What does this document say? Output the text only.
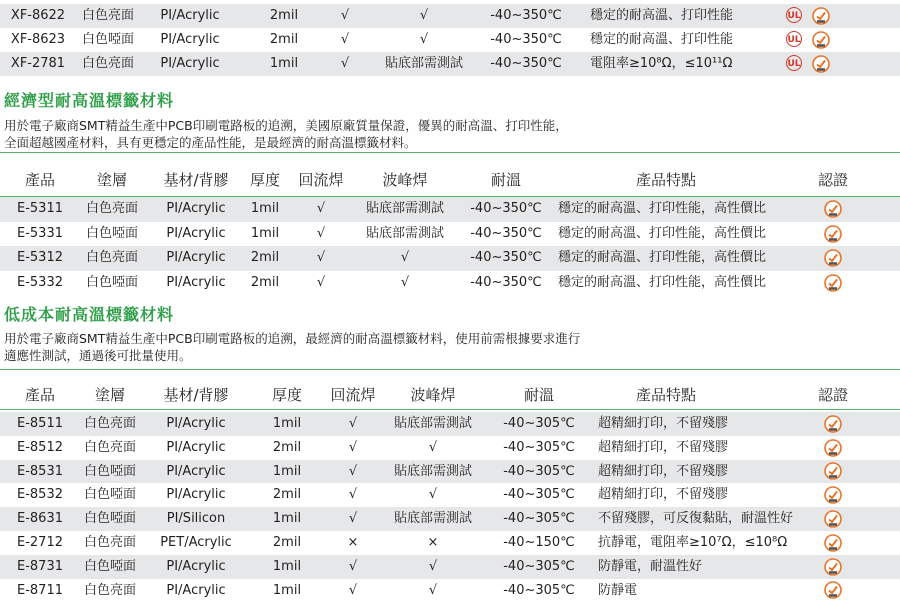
XF-8622 白色亮面 PI/Acrylic	2mil	√	√	-40~350℃ 穩定的耐高溫、打印性能	UL
XF-8623 白色啞面 PI/Acrylic	2mil	√	√	-40~350℃ 穩定的耐高溫、打印性能	UL
XF-2781 白色亮面 PI/Acrylic	1mil	√	貼底部需測試 -40~350℃ 電阻率≥10⁸Ω，≤10¹¹Ω	UL
經濟型耐高溫標籤材料
用於電子廠商SMT精益生產中PCB印刷電路板的追溯，美國原廠質量保證，優異的耐高溫、打印性能，
全面超越國產材料，具有更穩定的產品性能，是最經濟的耐高溫標籤材料。
產品	塗層 基材/背膠 厚度 回流焊	波峰焊	耐溫	產品特點	認證
E-5311 白色亮面 PI/Acrylic 1mil	√	貼底部需測試 -40~350℃ 穩定的耐高溫、打印性能，高性價比
E-5331 白色啞面 PI/Acrylic 1mil	√	貼底部需測試 -40~350℃ 穩定的耐高溫、打印性能，高性價比
E-5312 白色亮面 PI/Acrylic 2mil	√	√	-40~350℃ 穩定的耐高溫、打印性能，高性價比
E-5332 白色啞面 PI/Acrylic 2mil	√	√	-40~350℃ 穩定的耐高溫、打印性能，高性價比
低成本耐高溫標籤材料
用於電子廠商SMT精益生產中PCB印刷電路板的追溯，最經濟的耐高溫標籤材料，使用前需根據要求進行
適應性測試，通過後可批量使用。
產品	塗層	基材/背膠	厚度 回流焊 波峰焊	耐溫	產品特點	認證
E-8511 白色亮面 PI/Acrylic	1mil	√	貼底部需測試 -40~305℃ 超精細打印，不留殘膠
E-8512 白色亮面 PI/Acrylic	2mil	√	√	-40~305℃ 超精細打印，不留殘膠
E-8531 白色啞面 PI/Acrylic	1mil	√	貼底部需測試 -40~305℃ 超精細打印，不留殘膠
E-8532 白色啞面 PI/Acrylic	2mil	√	√	-40~305℃ 超精細打印，不留殘膠
E-8631 白色啞面 PI/Silicon	1mil	√	貼底部需測試 -40~305℃ 不留殘膠，可反復黏貼，耐溫性好
E-2712 白色亮面 PET/Acrylic	2mil	×	×	-40~150℃ 抗靜電，電阻率≥10⁷Ω，≤10⁸Ω
E-8731 白色啞面 PI/Acrylic	1mil	√	√	-40~305℃ 防靜電，耐溫性好
E-8711 白色亮面 PI/Acrylic	1mil	√	√	-40~305℃ 防靜電
